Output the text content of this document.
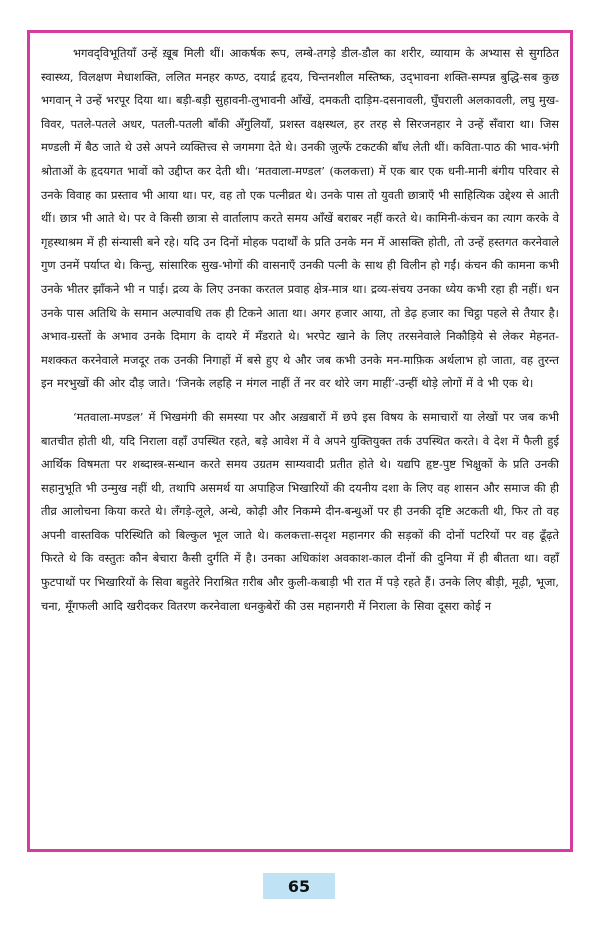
भगवद्‌विभूतियाँ उन्हें ख़ूब मिली थीं। आकर्षक रूप, लम्बे-तगड़े डील-डौल का शरीर, व्यायाम के अभ्यास से सुगठित स्वास्थ्य, विलक्षण मेधाशक्ति, ललित मनहर कण्ठ, दयार्द्र हृदय, चिन्तनशील मस्तिष्क, उद्‌भावना शक्ति-सम्पन्न बुद्धि-सब कुछ भगवान्‌ ने उन्हें भरपूर दिया था। बड़ी-बड़ी सुहावनी-लुभावनी आँखें, दमकती दाड़िम-दसनावली, घुँघराली अलकावली, लघु मुख-विवर, पतले-पतले अधर, पतली-पतली बाँकी अँगुलियाँ, प्रशस्त वक्षस्थल, हर तरह से सिरजनहार ने उन्हें सँवारा था। जिस मण्डली में बैठ जाते थे उसे अपने व्यक्तित्त्व से जगमगा देते थे। उनकी ज़ुल्फें टकटकी बाँध लेती थीं। कविता-पाठ की भाव-भंगी श्रोताओं के हृदयगत भावों को उद्दीप्त कर देती थी। ‘मतवाला-मण्डल’ (कलकत्ता) में एक बार एक धनी-मानी बंगीय परिवार से उनके विवाह का प्रस्ताव भी आया था। पर, वह तो एक पत्नीव्रत थे। उनके पास तो युवती छात्राएँ भी साहित्यिक उद्देश्य से आती थीं। छात्र भी आते थे। पर वे किसी छात्रा से वार्तालाप करते समय आँखें बराबर नहीं करते थे। कामिनी-कंचन का त्याग करके वे गृहस्थाश्रम में ही संन्यासी बने रहे। यदि उन दिनों मोहक पदार्थों के प्रति उनके मन में आसक्ति होती, तो उन्हें हस्तगत करनेवाले गुण उनमें पर्याप्त थे। किन्तु, सांसारिक सुख-भोगों की वासनाएँ उनकी पत्नी के साथ ही विलीन हो गईं। कंचन की कामना कभी उनके भीतर झाँकने भी न पाई। द्रव्य के लिए उनका करतल प्रवाह क्षेत्र-मात्र था। द्रव्य-संचय उनका ध्येय कभी रहा ही नहीं। धन उनके पास अतिथि के समान अल्पावधि तक ही टिकने आता था। अगर हजार आया, तो डेढ़ हजार का चिट्ठा पहले से तैयार है। अभाव-ग्रस्तों के अभाव उनके दिमाग के दायरे में मँडराते थे। भरपेट खाने के लिए तरसनेवाले निकौड़िये से लेकर मेहनत-मशक्कत करनेवाले मजदूर तक उनकी निगाहों में बसे हुए थे और जब कभी उनके मन-माफ़िक अर्थलाभ हो जाता, वह तुरन्त इन मरभुखों की ओर दौड़ जाते। ‘जिनके लहहि न मंगल नाहीं तें नर वर थोरे जग माहीं’-उन्हीं थोड़े लोगों में वे भी एक थे।

‘मतवाला-मण्डल’ में भिखमंगी की समस्या पर और अख़बारों में छपे इस विषय के समाचारों या लेखों पर जब कभी बातचीत होती थी, यदि निराला वहाँ उपस्थित रहते, बड़े आवेश में वे अपने युक्तियुक्त तर्क उपस्थित करते। वे देश में फैली हुई आर्थिक विषमता पर शब्दास्त्र-सन्धान करते समय उग्रतम साम्यवादी प्रतीत होते थे। यद्यपि हृष्ट-पुष्ट भिक्षुकों के प्रति उनकी सहानुभूति भी उन्मुख नहीं थी, तथापि असमर्थ या अपाहिज भिखारियों की दयनीय दशा के लिए वह शासन और समाज की ही तीव्र आलोचना किया करते थे। लँगड़े-लूले, अन्धे, कोढ़ी और निकम्मे दीन-बन्धुओं पर ही उनकी दृष्टि अटकती थी, फिर तो वह अपनी वास्तविक परिस्थिति को बिल्कुल भूल जाते थे। कलकत्ता-सदृश महानगर की सड़कों की दोनों पटरियों पर वह ढूँढ़ते फिरते थे कि वस्तुतः कौन बेचारा कैसी दुर्गति में है। उनका अधिकांश अवकाश-काल दीनों की दुनिया में ही बीतता था। वहाँ फुटपाथों पर भिखारियों के सिवा बहुतेरे निराश्रित ग़रीब और कुली-कबाड़ी भी रात में पड़े रहते हैं। उनके लिए बीड़ी, मूढ़ी, भूजा, चना, मूँगफली आदि खरीदकर वितरण करनेवाला धनकुबेरों की उस महानगरी में निराला के सिवा दूसरा कोई न

65
